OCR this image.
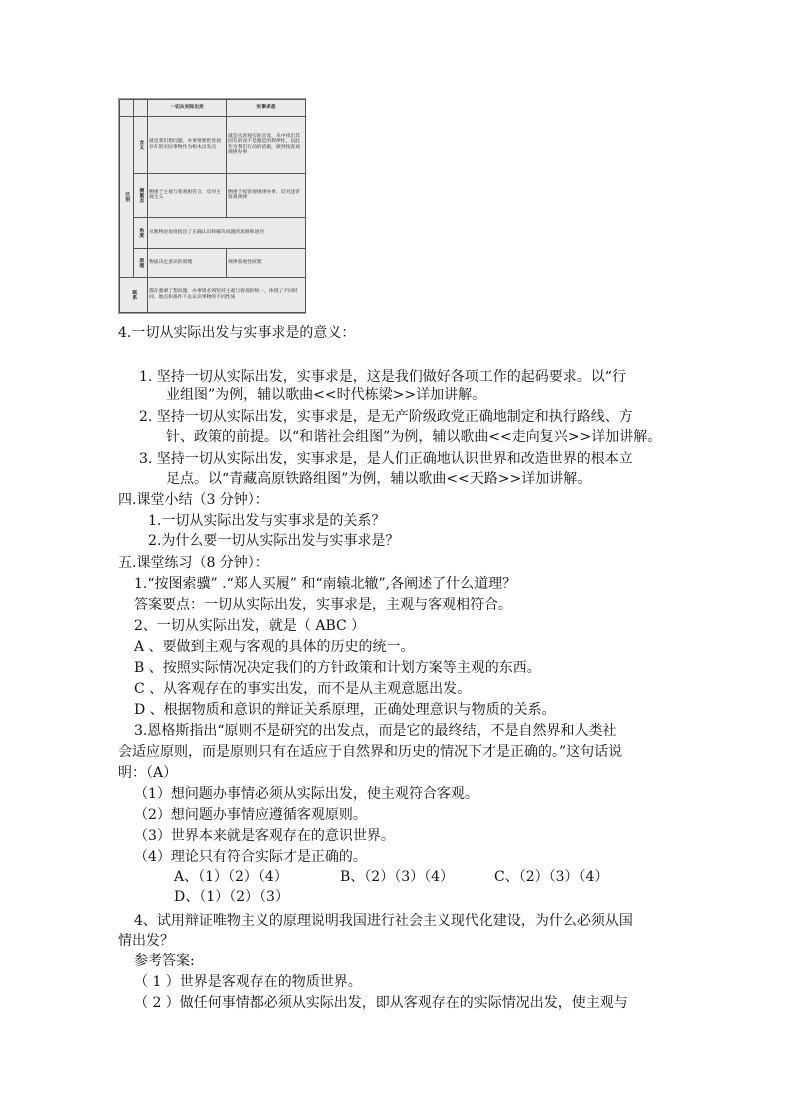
		一切从实际出发	实事求是
区别	含义	就是我们想问题、办事情要把客观存在的实际事物作为根本出发点	就是从客观实际出发，从中找出其固有的而不是臆造的规律性，以此作为我们行动的依据，做到按客观规律办事
	侧重点	侧重于主观与客观相符合，反对主观主义	侧重于按客观规律办事，反对违背客观规律
	角度	从唯物论角度指出了正确认识和解决问题的思路和途径	
	原理	物质决定意识的原理	规律客观性原理
联系		都在强调了想问题、办事情必须坚持主观与客观的统一，体现了不同时间、地点和条件下去认识事物的不同性质	
4.一切从实际出发与实事求是的意义：
1. 坚持一切从实际出发，实事求是，这是我们做好各项工作的起码要求。以“行
业组图”为例，辅以歌曲<<时代栋梁>>详加讲解。
2. 坚持一切从实际出发，实事求是，是无产阶级政党正确地制定和执行路线、方
针、政策的前提。以“和谐社会组图”为例，辅以歌曲<<走向复兴>>详加讲解。
3. 坚持一切从实际出发，实事求是，是人们正确地认识世界和改造世界的根本立
足点。以“青藏高原铁路组图”为例，辅以歌曲<<天路>>详加讲解。
四.课堂小结（3 分钟）：
1.一切从实际出发与实事求是的关系？
2.为什么要一切从实际出发与实事求是？
五.课堂练习（8 分钟）：
1.“按图索骥” .“郑人买履” 和“南辕北辙”,各阐述了什么道理？
答案要点：一切从实际出发，实事求是，主观与客观相符合。
2、一切从实际出发，就是（ ABC ）
A 、要做到主观与客观的具体的历史的统一。
B 、按照实际情况决定我们的方针政策和计划方案等主观的东西。
C 、从客观存在的事实出发，而不是从主观意愿出发。
D 、根据物质和意识的辩证关系原理，正确处理意识与物质的关系。
3.恩格斯指出“原则不是研究的出发点，而是它的最终结，不是自然界和人类社
会适应原则，而是原则只有在适应于自然界和历史的情况下才是正确的。”这句话说
明：（A）
（1）想问题办事情必须从实际出发，使主观符合客观。
（2）想问题办事情应遵循客观原则。
（3）世界本来就是客观存在的意识世界。
（4）理论只有符合实际才是正确的。
A、（1）（2）（4）	B、（2）（3）（4）	C、（2）（3）（4）
D、（1）（2）（3）
4、试用辩证唯物主义的原理说明我国进行社会主义现代化建设，为什么必须从国
情出发？
参考答案:
（ 1 ）世界是客观存在的物质世界。
（ 2 ）做任何事情都必须从实际出发，即从客观存在的实际情况出发，使主观与
